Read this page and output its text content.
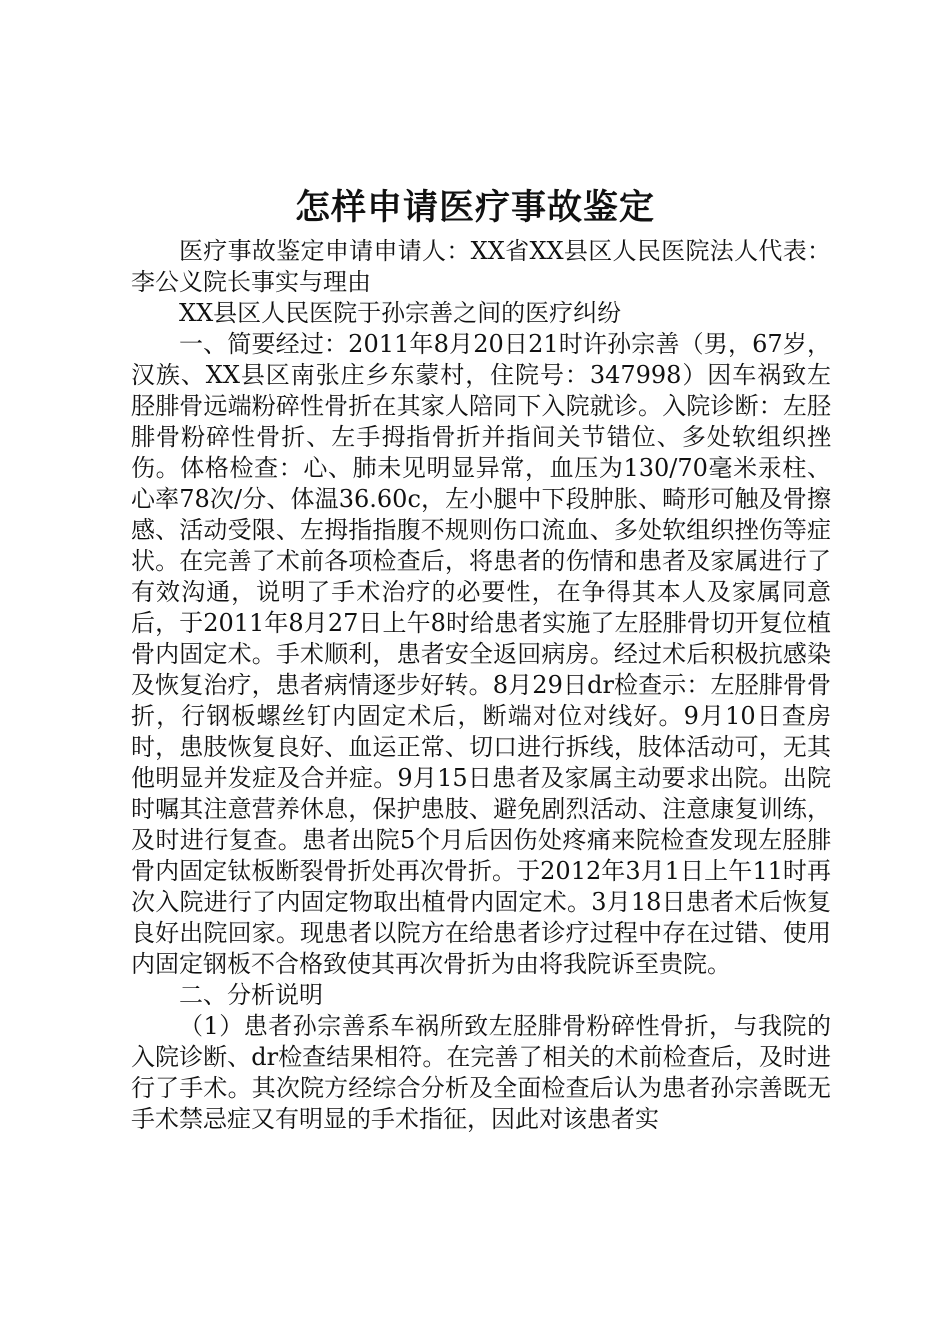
怎样申请医疗事故鉴定

医疗事故鉴定申请申请人：XX省XX县区人民医院法人代表：李公义院长事实与理由

XX县区人民医院于孙宗善之间的医疗纠纷

一、简要经过：2011年8月20日21时许孙宗善（男，67岁，汉族、XX县区南张庄乡东蒙村，住院号：347998）因车祸致左胫腓骨远端粉碎性骨折在其家人陪同下入院就诊。入院诊断：左胫腓骨粉碎性骨折、左手拇指骨折并指间关节错位、多处软组织挫伤。体格检查：心、肺未见明显异常，血压为130/70毫米汞柱、心率78次/分、体温36.60c，左小腿中下段肿胀、畸形可触及骨擦感、活动受限、左拇指指腹不规则伤口流血、多处软组织挫伤等症状。在完善了术前各项检查后，将患者的伤情和患者及家属进行了有效沟通，说明了手术治疗的必要性，在争得其本人及家属同意后，于2011年8月27日上午8时给患者实施了左胫腓骨切开复位植骨内固定术。手术顺利，患者安全返回病房。经过术后积极抗感染及恢复治疗，患者病情逐步好转。8月29日dr检查示：左胫腓骨骨折，行钢板螺丝钉内固定术后，断端对位对线好。9月10日查房时，患肢恢复良好、血运正常、切口进行拆线，肢体活动可，无其他明显并发症及合并症。9月15日患者及家属主动要求出院。出院时嘱其注意营养休息，保护患肢、避免剧烈活动、注意康复训练，及时进行复查。患者出院5个月后因伤处疼痛来院检查发现左胫腓骨内固定钛板断裂骨折处再次骨折。于2012年3月1日上午11时再次入院进行了内固定物取出植骨内固定术。3月18日患者术后恢复良好出院回家。现患者以院方在给患者诊疗过程中存在过错、使用内固定钢板不合格致使其再次骨折为由将我院诉至贵院。

二、分析说明

（1）患者孙宗善系车祸所致左胫腓骨粉碎性骨折，与我院的入院诊断、dr检查结果相符。在完善了相关的术前检查后，及时进行了手术。其次院方经综合分析及全面检查后认为患者孙宗善既无手术禁忌症又有明显的手术指征，因此对该患者实
